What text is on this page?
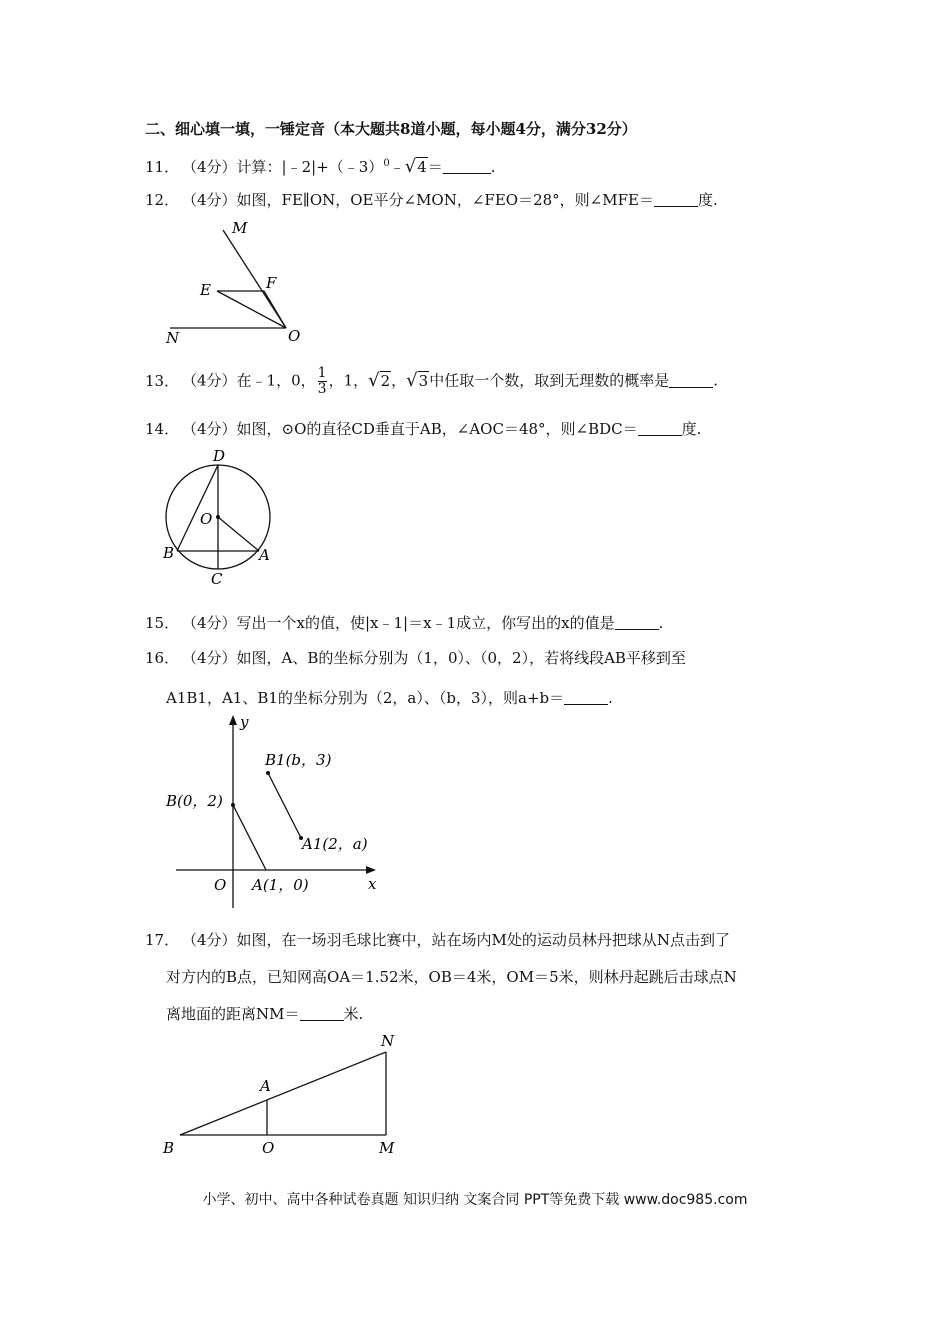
二、细心填一填，一锤定音（本大题共8道小题，每小题4分，满分32分）
11． （4分）计算：|﹣2|+（﹣3）$^0$﹣√4＝	.
12． （4分）如图，FE∥ON，OE平分∠MON，∠FEO＝28°，则∠MFE＝	度.
M
F
E
N	O
13． （4分）在﹣1，0， $\frac{1}{3}$ ，1，√2，√3中任取一个数，取到无理数的概率是	.
14． （4分）如图，⊙O的直径CD垂直于AB，∠AOC＝48°，则∠BDC＝	度.
D
O
B	A
C
15． （4分）写出一个x的值，使|x﹣1|＝x﹣1成立，你写出的x的值是	.
16． （4分）如图，A、B的坐标分别为（1，0）、（0，2），若将线段AB平移到至
A1B1，A1、B1的坐标分别为（2，a）、（b，3），则a+b＝	.
y
x
O
B(0，2)
A(1，0)
B1(b，3)
A1(2，a)
17． （4分）如图，在一场羽毛球比赛中，站在场内M处的运动员林丹把球从N点击到了
对方内的B点，已知网高OA＝1.52米，OB＝4米，OM＝5米，则林丹起跳后击球点N
离地面的距离NM＝	米.
N
A
B	O	M
小学、初中、高中各种试卷真题 知识归纳 文案合同 PPT等免费下载 www.doc985.com
